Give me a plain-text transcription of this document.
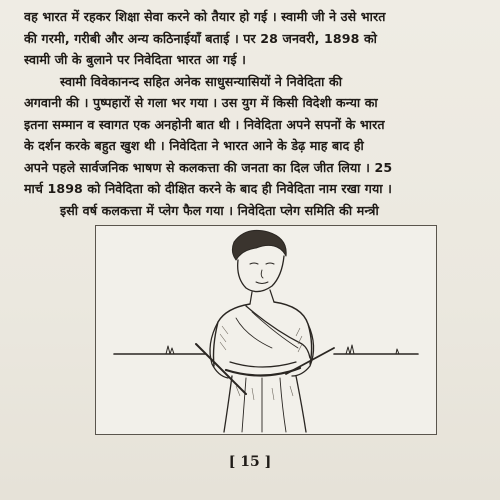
वह भारत में रहकर शिक्षा सेवा करने को तैयार हो गई । स्वामी जी ने उसे भारत
की गरमी, गरीबी और अन्य कठिनाईयाँ बताई । पर 28 जनवरी, 1898 को
स्वामी जी के बुलाने पर निवेदिता भारत आ गई ।
स्वामी विवेकानन्द सहित अनेक साधुसन्यासियों ने निवेदिता की
अगवानी की । पुष्पहारों से गला भर गया । उस युग में किसी विदेशी कन्या का
इतना सम्मान व स्वागत एक अनहोनी बात थी । निवेदिता अपने सपनों के भारत
के दर्शन करके बहुत खुश थी । निवेदिता ने भारत आने के डेढ़ माह बाद ही
अपने पहले सार्वजनिक भाषण से कलकत्ता की जनता का दिल जीत लिया । 25
मार्च 1898 को निवेदिता को दीक्षित करने के बाद ही निवेदिता नाम रखा गया ।
इसी वर्ष कलकत्ता में प्लेग फैल गया । निवेदिता प्लेग समिति की मन्त्री
[ 15 ]
